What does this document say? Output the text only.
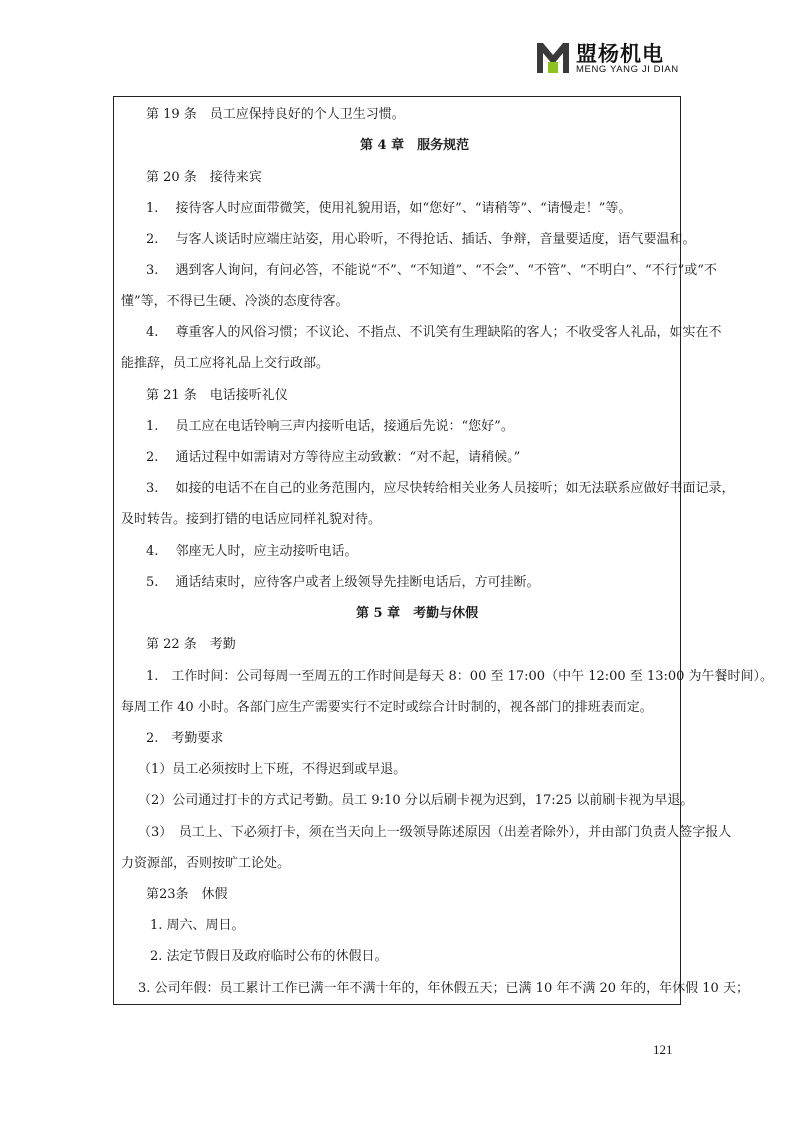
盟杨机电
MENG YANG JI DIAN
第 19 条　员工应保持良好的个人卫生习惯。
第 4 章　服务规范
第 20 条　接待来宾
1.　 接待客人时应面带微笑，使用礼貌用语，如“您好”、“请稍等”、“请慢走！”等。
2.　 与客人谈话时应端庄站姿，用心聆听，不得抢话、插话、争辩，音量要适度，语气要温和。
3.　 遇到客人询问，有问必答，不能说“不”、“不知道”、“不会”、“不管”、“不明白”、“不行”或“不
懂”等，不得已生硬、冷淡的态度待客。
4.　 尊重客人的风俗习惯；不议论、不指点、不讥笑有生理缺陷的客人；不收受客人礼品，如实在不
能推辞，员工应将礼品上交行政部。
第 21 条　电话接听礼仪
1.　 员工应在电话铃响三声内接听电话，接通后先说：“您好”。
2.　 通话过程中如需请对方等待应主动致歉：“对不起，请稍候。”
3.　 如接的电话不在自己的业务范围内，应尽快转给相关业务人员接听；如无法联系应做好书面记录，
及时转告。接到打错的电话应同样礼貌对待。
4.　 邻座无人时，应主动接听电话。
5.　 通话结束时，应待客户或者上级领导先挂断电话后，方可挂断。
第 5 章　考勤与休假
第 22 条　考勤
1.　工作时间：公司每周一至周五的工作时间是每天 8：00 至 17:00（中午 12:00 至 13:00 为午餐时间）。
每周工作 40 小时。各部门应生产需要实行不定时或综合计时制的，视各部门的排班表而定。
2.　考勤要求
（1）员工必须按时上下班，不得迟到或早退。
（2）公司通过打卡的方式记考勤。员工 9:10 分以后刷卡视为迟到，17:25 以前刷卡视为早退。
（3）　员工上、下必须打卡，须在当天向上一级领导陈述原因（出差者除外），并由部门负责人签字报人
力资源部，否则按旷工论处。
第23条　休假
1. 周六、周日。
2. 法定节假日及政府临时公布的休假日。
3. 公司年假：员工累计工作已满一年不满十年的，年休假五天；已满 10 年不满 20 年的，年休假 10 天；
121
